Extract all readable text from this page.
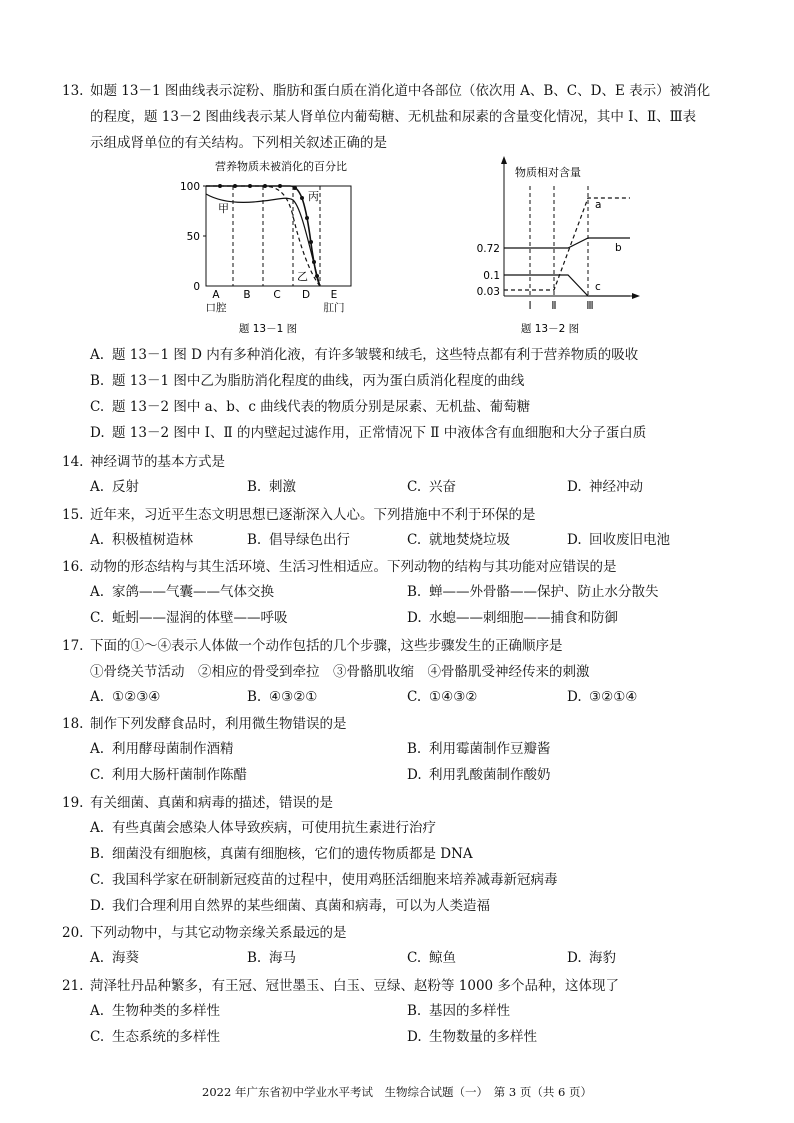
13. 如题 13－1 图曲线表示淀粉、脂肪和蛋白质在消化道中各部位（依次用 A、B、C、D、E 表示）被消化
的程度，题 13－2 图曲线表示某人肾单位内葡萄糖、无机盐和尿素的含量变化情况，其中 Ⅰ、Ⅱ、Ⅲ表
示组成肾单位的有关结构。下列相关叙述正确的是
营养物质未被消化的百分比
100
50
0
甲
乙
丙
A B C D E
口腔	肛门
题 13－1 图
物质相对含量
0.72
0.1
0.03
a
b
c
Ⅰ Ⅱ	Ⅲ
题 13－2 图
A. 题 13－1 图 D 内有多种消化液，有许多皱襞和绒毛，这些特点都有利于营养物质的吸收
B. 题 13－1 图中乙为脂肪消化程度的曲线，丙为蛋白质消化程度的曲线
C. 题 13－2 图中 a、b、c 曲线代表的物质分别是尿素、无机盐、葡萄糖
D. 题 13－2 图中 Ⅰ、Ⅱ 的内壁起过滤作用，正常情况下 Ⅱ 中液体含有血细胞和大分子蛋白质
14. 神经调节的基本方式是
A. 反射	B. 刺激	C. 兴奋	D. 神经冲动
15. 近年来，习近平生态文明思想已逐渐深入人心。下列措施中不利于环保的是
A. 积极植树造林	B. 倡导绿色出行	C. 就地焚烧垃圾	D. 回收废旧电池
16. 动物的形态结构与其生活环境、生活习性相适应。下列动物的结构与其功能对应错误的是
A. 家鸽——气囊——气体交换	B. 蝉——外骨骼——保护、防止水分散失
C. 蚯蚓——湿润的体壁——呼吸	D. 水螅——刺细胞——捕食和防御
17. 下面的①～④表示人体做一个动作包括的几个步骤，这些步骤发生的正确顺序是
①骨绕关节活动　②相应的骨受到牵拉　③骨骼肌收缩　④骨骼肌受神经传来的刺激
A. ①②③④	B. ④③②①	C. ①④③②	D. ③②①④
18. 制作下列发酵食品时，利用微生物错误的是
A. 利用酵母菌制作酒精	B. 利用霉菌制作豆瓣酱
C. 利用大肠杆菌制作陈醋	D. 利用乳酸菌制作酸奶
19. 有关细菌、真菌和病毒的描述，错误的是
A. 有些真菌会感染人体导致疾病，可使用抗生素进行治疗
B. 细菌没有细胞核，真菌有细胞核，它们的遗传物质都是 DNA
C. 我国科学家在研制新冠疫苗的过程中，使用鸡胚活细胞来培养减毒新冠病毒
D. 我们合理利用自然界的某些细菌、真菌和病毒，可以为人类造福
20. 下列动物中，与其它动物亲缘关系最远的是
A. 海葵	B. 海马	C. 鲸鱼	D. 海豹
21. 菏泽牡丹品种繁多，有王冠、冠世墨玉、白玉、豆绿、赵粉等 1000 多个品种，这体现了
A. 生物种类的多样性	B. 基因的多样性
C. 生态系统的多样性	D. 生物数量的多样性
2022 年广东省初中学业水平考试　生物综合试题（一）　第 3 页（共 6 页）
